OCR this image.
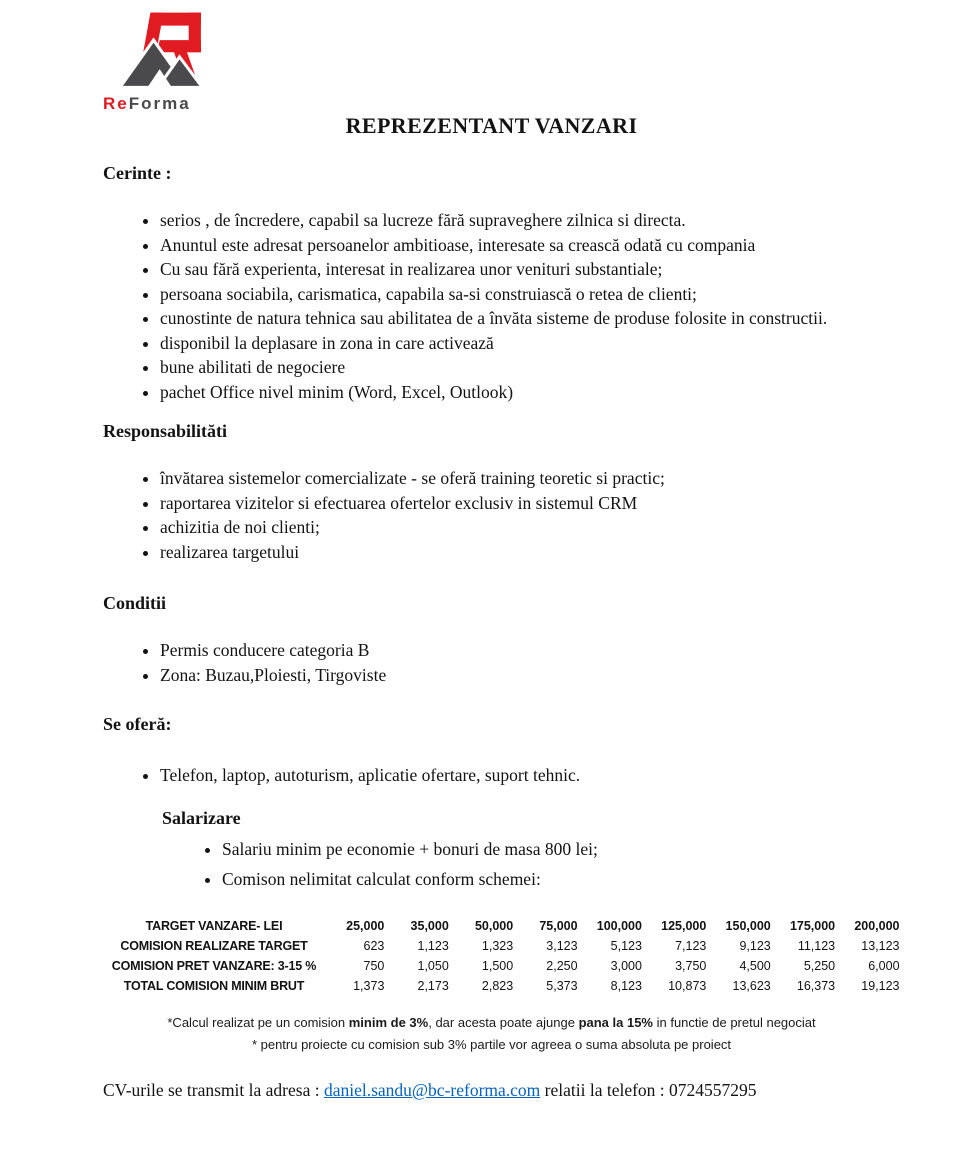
ReForma
REPREZENTANT VANZARI
Cerinte :
• serios , de încredere, capabil sa lucreze fără supraveghere zilnica si directa.
• Anuntul este adresat persoanelor ambitioase, interesate sa crească odată cu compania
• Cu sau fără experienta, interesat in realizarea unor venituri substantiale;
• persoana sociabila, carismatica, capabila sa-si construiască o retea de clienti;
• cunostinte de natura tehnica sau abilitatea de a învăta sisteme de produse folosite in constructii.
• disponibil la deplasare in zona in care activează
• bune abilitati de negociere
• pachet Office nivel minim (Word, Excel, Outlook)
Responsabilităti
• învătarea sistemelor comercializate - se oferă training teoretic si practic;
• raportarea vizitelor si efectuarea ofertelor exclusiv in sistemul CRM
• achizitia de noi clienti;
• realizarea targetului
Conditii
• Permis conducere categoria B
• Zona: Buzau,Ploiesti, Tirgoviste
Se oferă:
• Telefon, laptop, autoturism, aplicatie ofertare, suport tehnic.
Salarizare
• Salariu minim pe economie + bonuri de masa 800 lei;
• Comison nelimitat calculat conform schemei:
TARGET VANZARE- LEI	25,000	35,000	50,000	75,000	100,000	125,000	150,000	175,000	200,000
COMISION REALIZARE TARGET	623	1,123	1,323	3,123	5,123	7,123	9,123	11,123	13,123
COMISION PRET VANZARE: 3-15 %	750	1,050	1,500	2,250	3,000	3,750	4,500	5,250	6,000
TOTAL COMISION MINIM BRUT	1,373	2,173	2,823	5,373	8,123	10,873	13,623	16,373	19,123
*Calcul realizat pe un comision minim de 3%, dar acesta poate ajunge pana la 15% in functie de pretul negociat
* pentru proiecte cu comision sub 3% partile vor agreea o suma absoluta pe proiect
CV-urile se transmit la adresa : daniel.sandu@bc-reforma.com relatii la telefon : 0724557295
